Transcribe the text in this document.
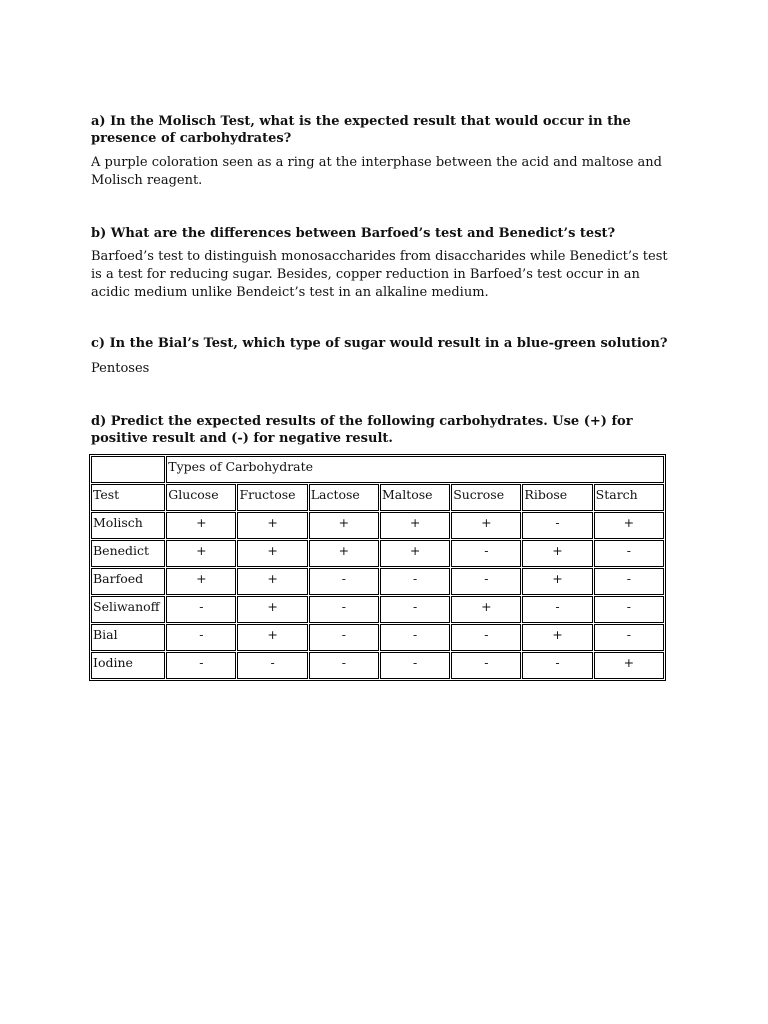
a) In the Molisch Test, what is the expected result that would occur in the presence of carbohydrates?

A purple coloration seen as a ring at the interphase between the acid and maltose and Molisch reagent.

b) What are the differences between Barfoed’s test and Benedict’s test?

Barfoed’s test to distinguish monosaccharides from disaccharides while Benedict’s test is a test for reducing sugar. Besides, copper reduction in Barfoed’s test occur in an acidic medium unlike Bendeict’s test in an alkaline medium.

c) In the Bial’s Test, which type of sugar would result in a blue-green solution?

Pentoses

d) Predict the expected results of the following carbohydrates. Use (+) for positive result and (-) for negative result.

	Types of Carbohydrate						
Test	Glucose	Fructose	Lactose	Maltose	Sucrose	Ribose	Starch
Molisch	+	+	+	+	+	-	+
Benedict	+	+	+	+	-	+	-
Barfoed	+	+	-	-	-	+	-
Seliwanoff	-	+	-	-	+	-	-
Bial	-	+	-	-	-	+	-
Iodine	-	-	-	-	-	-	+
